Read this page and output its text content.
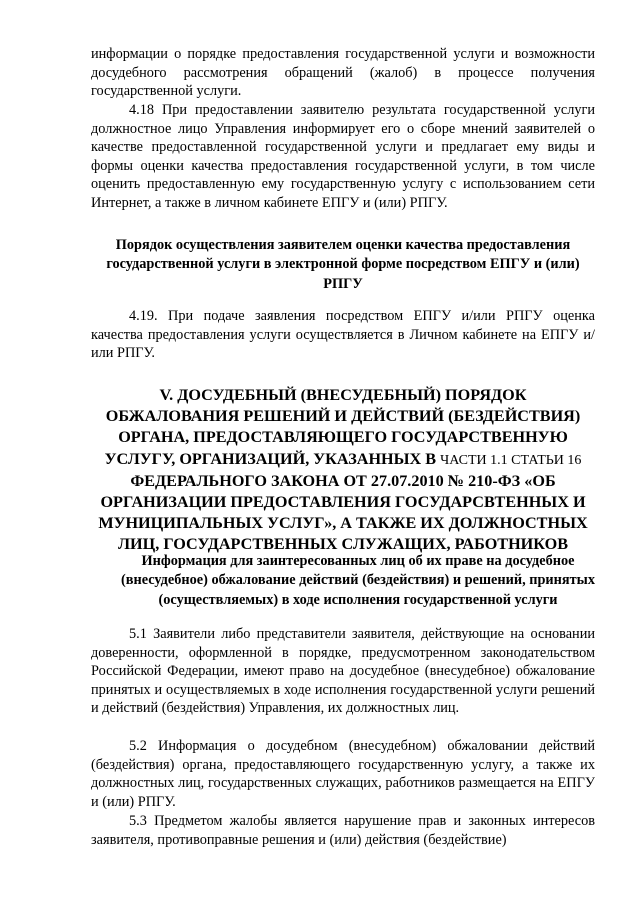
информации о порядке предоставления государственной услуги и возможности досудебного рассмотрения обращений (жалоб) в процессе получения государственной услуги.

4.18 При предоставлении заявителю результата государственной услуги должностное лицо Управления информирует его о сборе мнений заявителей о качестве предоставленной государственной услуги и предлагает ему виды и формы оценки качества предоставления государственной услуги, в том числе оценить предоставленную ему государственную услугу с использованием сети Интернет, а также в личном кабинете ЕПГУ и (или) РПГУ.

Порядок осуществления заявителем оценки качества предоставления государственной услуги в электронной форме посредством ЕПГУ и (или) РПГУ

4.19. При подаче заявления посредством ЕПГУ и/или РПГУ оценка качества предоставления услуги осуществляется в Личном кабинете на ЕПГУ и/или РПГУ.

V. ДОСУДЕБНЫЙ (ВНЕСУДЕБНЫЙ) ПОРЯДОК ОБЖАЛОВАНИЯ РЕШЕНИЙ И ДЕЙСТВИЙ (БЕЗДЕЙСТВИЯ) ОРГАНА, ПРЕДОСТАВЛЯЮЩЕГО ГОСУДАРСТВЕННУЮ УСЛУГУ, ОРГАНИЗАЦИЙ, УКАЗАННЫХ В ЧАСТИ 1.1 СТАТЬИ 16 ФЕДЕРАЛЬНОГО ЗАКОНА ОТ 27.07.2010 № 210-ФЗ «ОБ ОРГАНИЗАЦИИ ПРЕДОСТАВЛЕНИЯ ГОСУДАРСВТЕННЫХ И МУНИЦИПАЛЬНЫХ УСЛУГ», А ТАКЖЕ ИХ ДОЛЖНОСТНЫХ ЛИЦ, ГОСУДАРСТВЕННЫХ СЛУЖАЩИХ, РАБОТНИКОВ

Информация для заинтересованных лиц об их праве на досудебное (внесудебное) обжалование действий (бездействия) и решений, принятых (осуществляемых) в ходе исполнения государственной услуги

5.1 Заявители либо представители заявителя, действующие на основании доверенности, оформленной в порядке, предусмотренном законодательством Российской Федерации, имеют право на досудебное (внесудебное) обжалование принятых и осуществляемых в ходе исполнения государственной услуги решений и действий (бездействия) Управления, их должностных лиц.

5.2 Информация о досудебном (внесудебном) обжаловании действий (бездействия) органа, предоставляющего государственную услугу, а также их должностных лиц, государственных служащих, работников размещается на ЕПГУ и (или) РПГУ.

5.3 Предметом жалобы является нарушение прав и законных интересов заявителя, противоправные решения и (или) действия (бездействие)
